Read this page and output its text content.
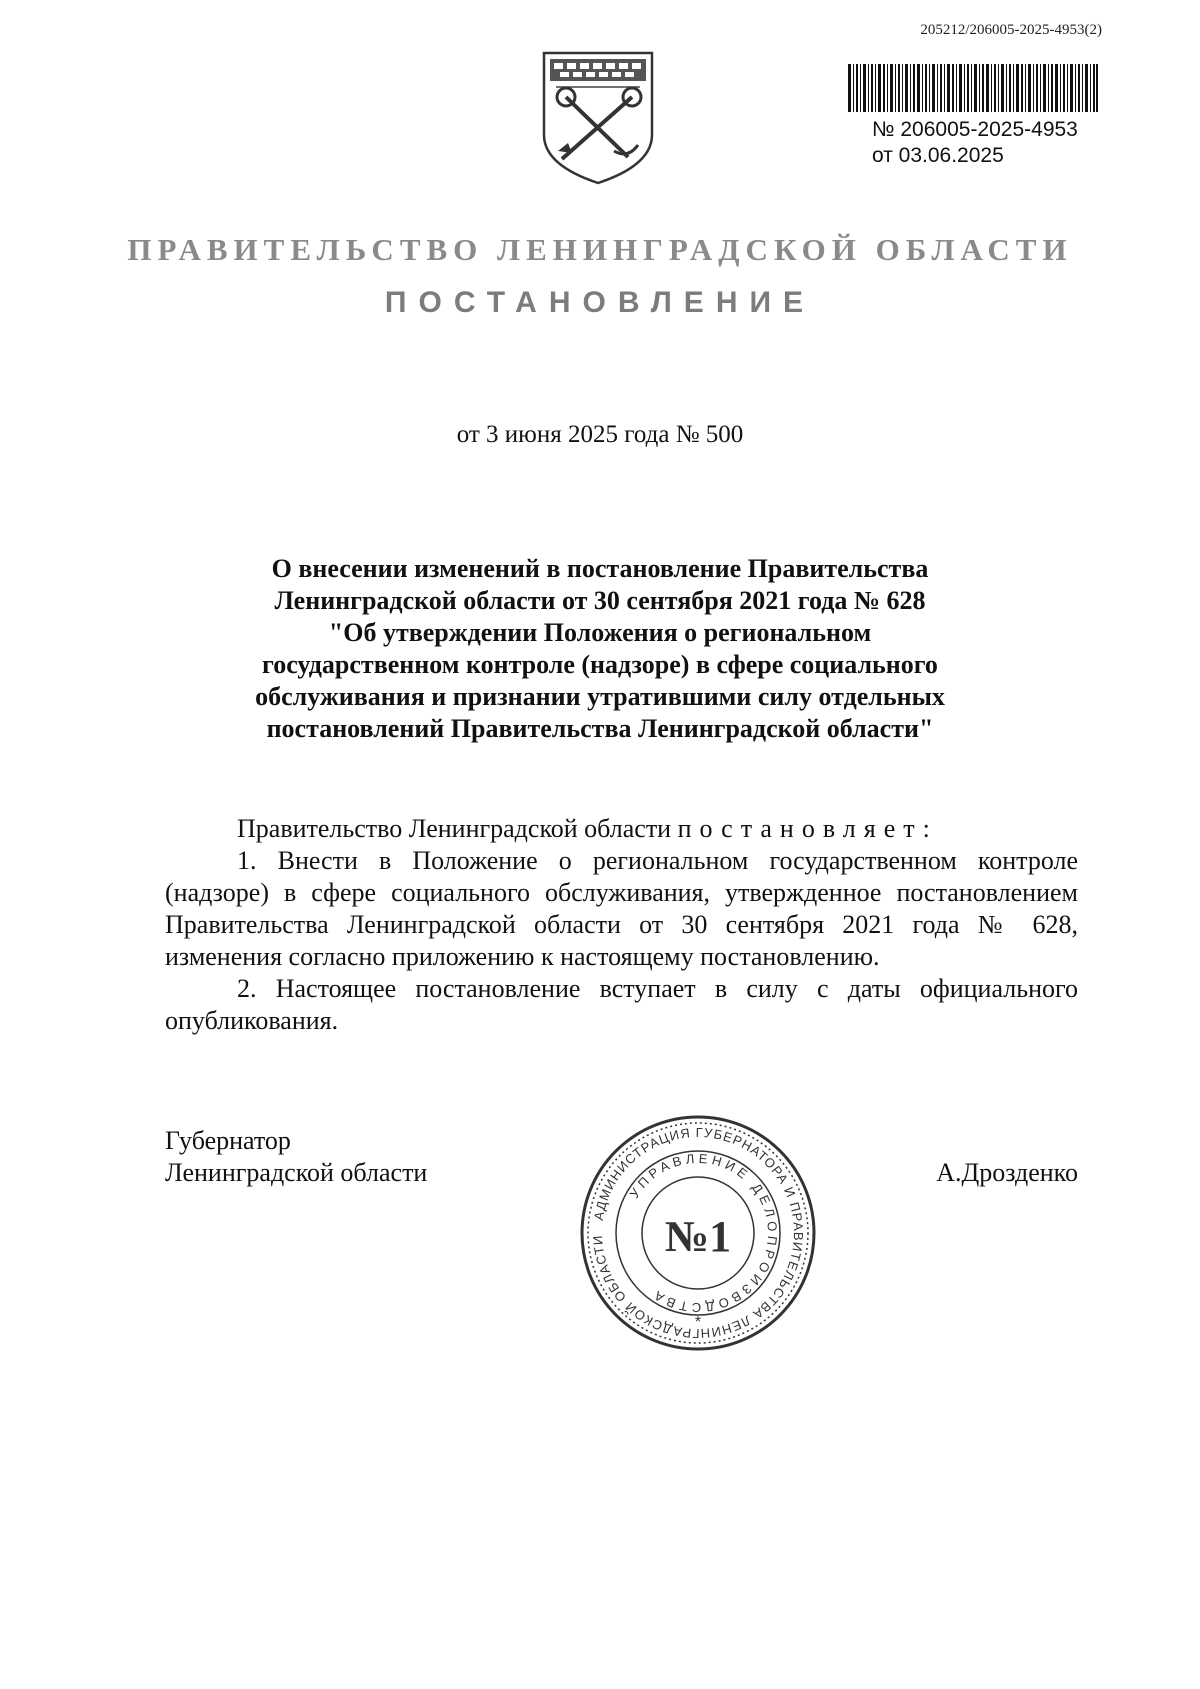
205212/206005-2025-4953(2)
№ 206005-2025-4953
от 03.06.2025
ПРАВИТЕЛЬСТВО ЛЕНИНГРАДСКОЙ ОБЛАСТИ
ПОСТАНОВЛЕНИЕ
от 3 июня 2025 года № 500
О внесении изменений в постановление Правительства
Ленинградской области от 30 сентября 2021 года № 628
"Об утверждении Положения о региональном
государственном контроле (надзоре) в сфере социального
обслуживания и признании утратившими силу отдельных
постановлений Правительства Ленинградской области"

Правительство Ленинградской области постановляет:

1. Внести в Положение о региональном государственном контроле (надзоре) в сфере социального обслуживания, утвержденное постановлением Правительства Ленинградской области от 30 сентября 2021 года № 628, изменения согласно приложению к настоящему постановлению.

2. Настоящее постановление вступает в силу с даты официального опубликования.

Губернатор
Ленинградской области
АДМИНИСТРАЦИЯ ГУБЕРНАТОРА И ПРАВИТЕЛЬСТВА ЛЕНИНГРАДСКОЙ ОБЛАСТИ
УПРАВЛЕНИЕ ДЕЛОПРОИЗВОДСТВА
№1
*
А.Дрозденко
